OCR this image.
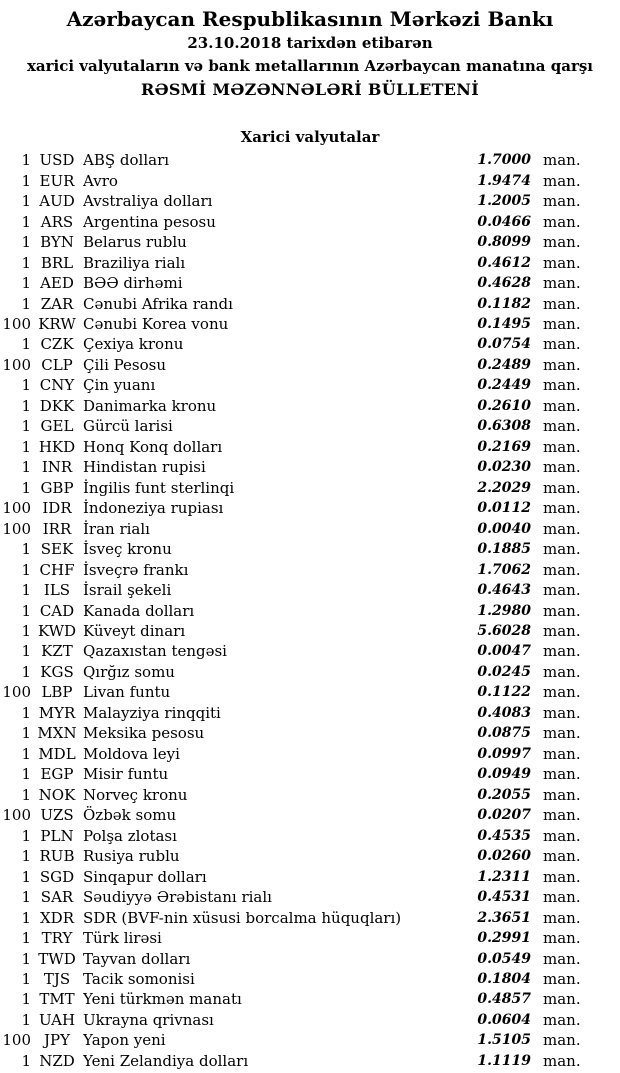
Azərbaycan Respublikasının Mərkəzi Bankı
23.10.2018 tarixdən etibarən
xarici valyutaların və bank metallarının Azərbaycan manatına qarşı
RƏSMİ MƏZƏNNƏLƏRİ BÜLLETENİ
Xarici valyutalar
1 USD ABŞ dolları	1.7000 man.
1 EUR Avro	1.9474 man.
1 AUD Avstraliya dolları	1.2005 man.
1 ARS Argentina pesosu	0.0466 man.
1 BYN Belarus rublu	0.8099 man.
1 BRL Braziliya rialı	0.4612 man.
1 AED BƏƏ dirhəmi	0.4628 man.
1 ZAR Cənubi Afrika randı	0.1182 man.
100 KRW Cənubi Korea vonu	0.1495 man.
1 CZK Çexiya kronu	0.0754 man.
100 CLP Çili Pesosu	0.2489 man.
1 CNY Çin yuanı	0.2449 man.
1 DKK Danimarka kronu	0.2610 man.
1 GEL Gürcü larisi	0.6308 man.
1 HKD Honq Konq dolları	0.2169 man.
1 INR Hindistan rupisi	0.0230 man.
1 GBP İngilis funt sterlinqi	2.2029 man.
100 IDR İndoneziya rupiası	0.0112 man.
100 IRR İran rialı	0.0040 man.
1 SEK İsveç kronu	0.1885 man.
1 CHF İsveçrə frankı	1.7062 man.
1 ILS İsrail şekeli	0.4643 man.
1 CAD Kanada dolları	1.2980 man.
1 KWD Küveyt dinarı	5.6028 man.
1 KZT Qazaxıstan tengəsi	0.0047 man.
1 KGS Qırğız somu	0.0245 man.
100 LBP Livan funtu	0.1122 man.
1 MYR Malayziya rinqqiti	0.4083 man.
1 MXN Meksika pesosu	0.0875 man.
1 MDL Moldova leyi	0.0997 man.
1 EGP Misir funtu	0.0949 man.
1 NOK Norveç kronu	0.2055 man.
100 UZS Özbək somu	0.0207 man.
1 PLN Polşa zlotası	0.4535 man.
1 RUB Rusiya rublu	0.0260 man.
1 SGD Sinqapur dolları	1.2311 man.
1 SAR Səudiyyə Ərəbistanı rialı	0.4531 man.
1 XDR SDR (BVF-nin xüsusi borcalma hüquqları)	2.3651 man.
1 TRY Türk lirəsi	0.2991 man.
1 TWD Tayvan dolları	0.0549 man.
1 TJS Tacik somonisi	0.1804 man.
1 TMT Yeni türkmən manatı	0.4857 man.
1 UAH Ukrayna qrivnası	0.0604 man.
100 JPY Yapon yeni	1.5105 man.
1 NZD Yeni Zelandiya dolları	1.1119 man.
